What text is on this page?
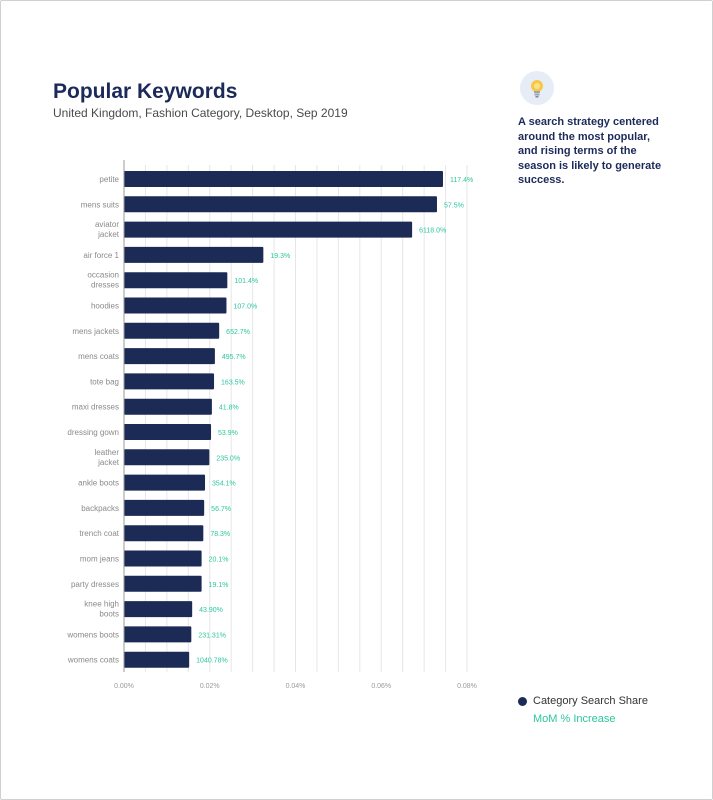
Popular Keywords
United Kingdom, Fashion Category, Desktop, Sep 2019
A search strategy centered around the most popular, and rising terms of the season is likely to generate success.
0.00%	0.02%	0.04%	0.06%	0.08%
petite	117.4%
mens suits	57.5%
aviator jacket	6118.0%
air force 1	19.3%
occasion dresses	101.4%
hoodies	107.0%
mens jackets	652.7%
mens coats	495.7%
tote bag	163.5%
maxi dresses	41.8%
dressing gown	53.9%
leather jacket	235.0%
ankle boots	354.1%
backpacks	56.7%
trench coat	78.3%
mom jeans	20.1%
party dresses	19.1%
knee high boots	43.90%
womens boots	231.31%
womens coats	1040.78%
Category Search Share
MoM % Increase
